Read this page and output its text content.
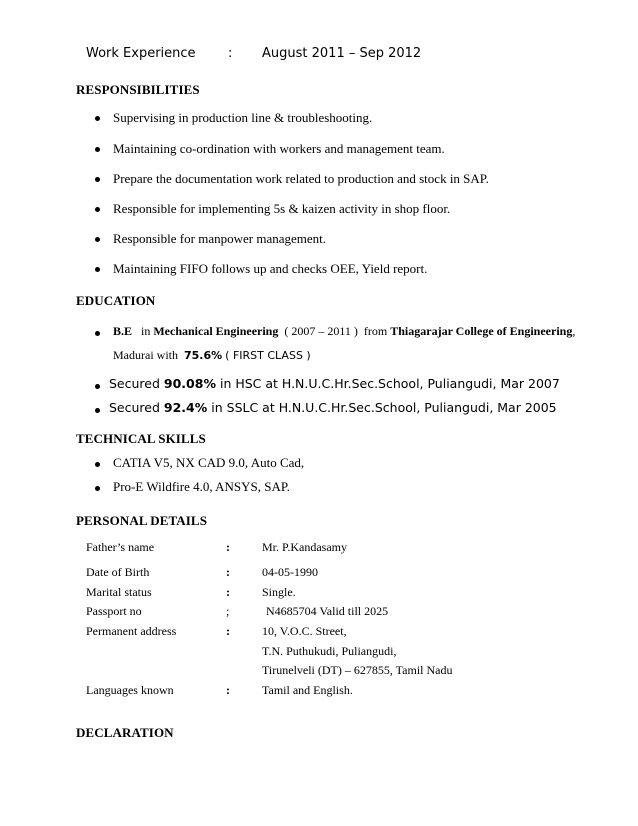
Work Experience : August 2011 – Sep 2012
RESPONSIBILITIES
Supervising in production line & troubleshooting.
Maintaining co-ordination with workers and management team.
Prepare the documentation work related to production and stock in SAP.
Responsible for implementing 5s & kaizen activity in shop floor.
Responsible for manpower management.
Maintaining FIFO follows up and checks OEE, Yield report.
EDUCATION
B.E in Mechanical Engineering ( 2007 – 2011 ) from Thiagarajar College of Engineering,
Madurai with 75.6% ( FIRST CLASS )
Secured 90.08% in HSC at H.N.U.C.Hr.Sec.School, Puliangudi, Mar 2007
Secured 92.4% in SSLC at H.N.U.C.Hr.Sec.School, Puliangudi, Mar 2005
TECHNICAL SKILLS
CATIA V5, NX CAD 9.0, Auto Cad,
Pro-E Wildfire 4.0, ANSYS, SAP.
PERSONAL DETAILS
Father’s name	:	Mr. P.Kandasamy
Date of Birth	:	04-05-1990
Marital status	:	Single.
Passport no	;	N4685704 Valid till 2025
Permanent address	:	10, V.O.C. Street,
T.N. Puthukudi, Puliangudi,
Tirunelveli (DT) – 627855, Tamil Nadu
Languages known	:	Tamil and English.
DECLARATION
